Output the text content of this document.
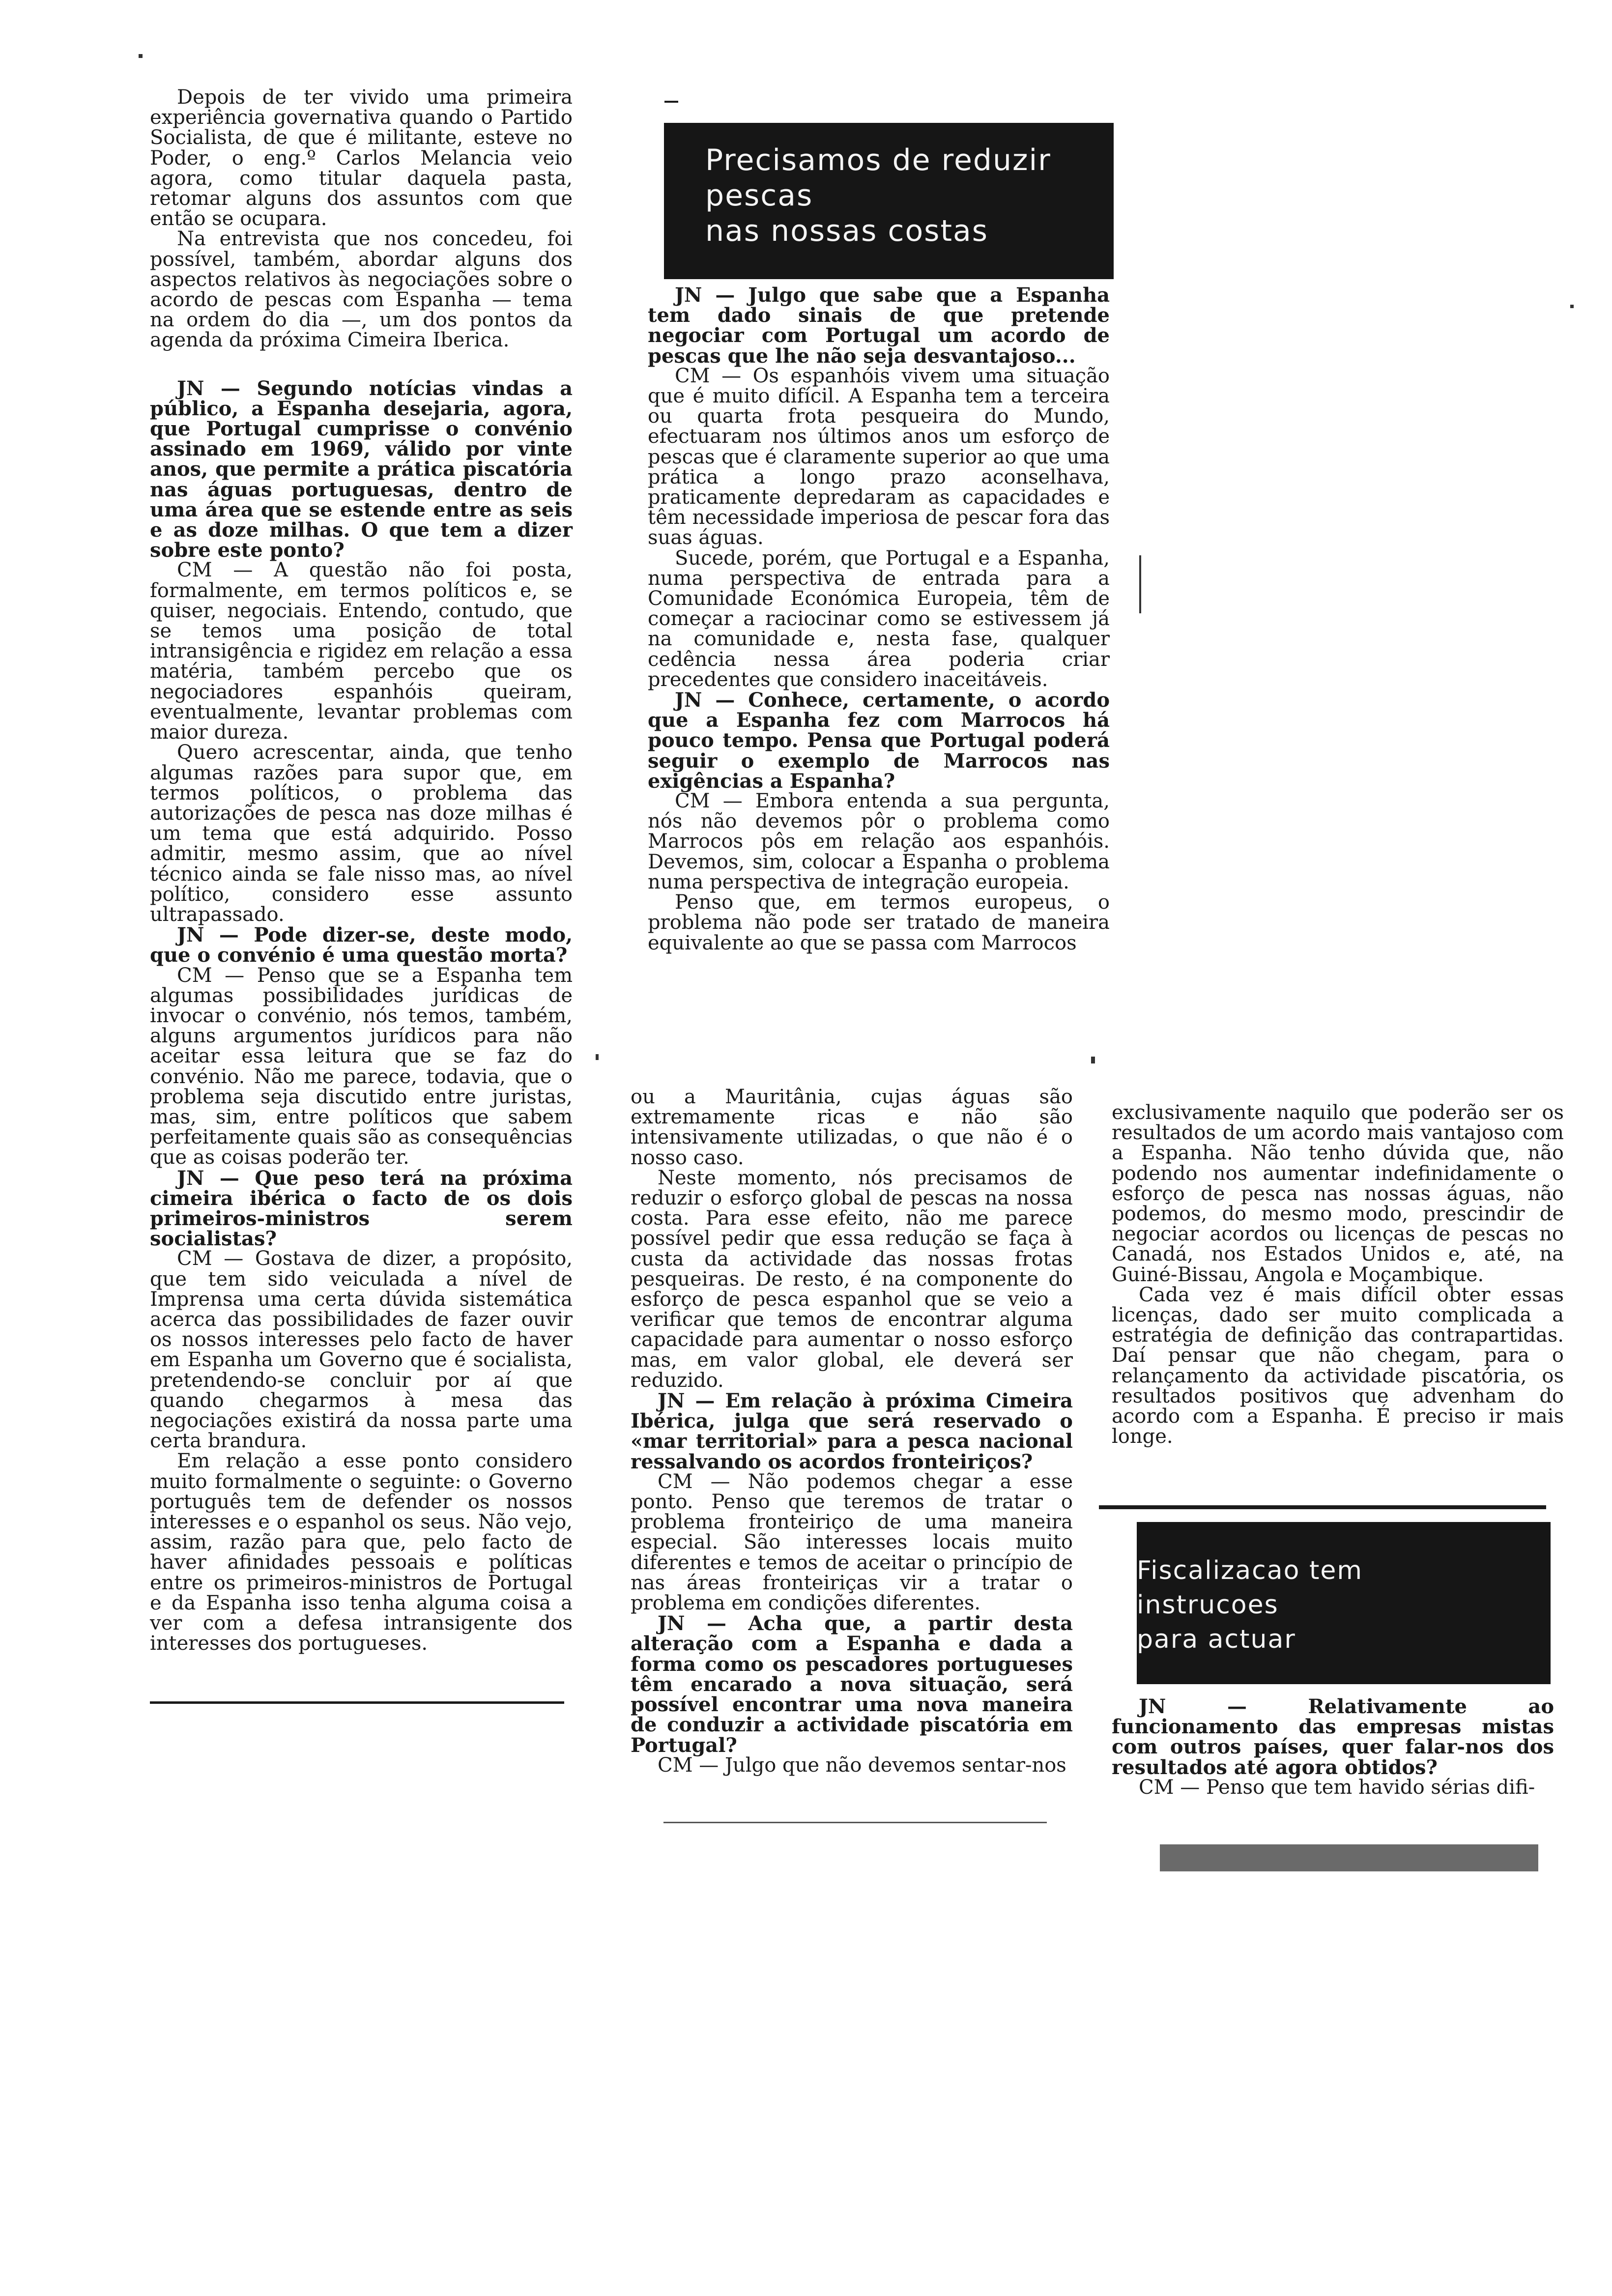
Depois de ter vivido uma primeira experiência governativa quando o Partido Socialista, de que é militante, esteve no Poder, o eng.º Carlos Melancia veio agora, como titular daquela pasta, retomar alguns dos assuntos com que então se ocupara.

Na entrevista que nos concedeu, foi possível, também, abordar alguns dos aspectos relativos às negociações sobre o acordo de pescas com Espanha — tema na ordem do dia —, um dos pontos da agenda da próxima Cimeira Iberica.

JN — Segundo notícias vindas a público, a Espanha desejaria, agora, que Portugal cumprisse o convénio assinado em 1969, válido por vinte anos, que permite a prática piscatória nas águas portuguesas, dentro de uma área que se estende entre as seis e as doze milhas. O que tem a dizer sobre este ponto?

CM — A questão não foi posta, formalmente, em termos políticos e, se quiser, negociais. Entendo, contudo, que se temos uma posição de total intransigência e rigidez em relação a essa matéria, também percebo que os negociadores espanhóis queiram, eventualmente, levantar problemas com maior dureza.

Quero acrescentar, ainda, que tenho algumas razões para supor que, em termos políticos, o problema das autorizações de pesca nas doze milhas é um tema que está adquirido. Posso admitir, mesmo assim, que ao nível técnico ainda se fale nisso mas, ao nível político, considero esse assunto ultrapassado.

JN — Pode dizer-se, deste modo, que o convénio é uma questão morta?

CM — Penso que se a Espanha tem algumas possibilidades jurídicas de invocar o convénio, nós temos, também, alguns argumentos jurídicos para não aceitar essa leitura que se faz do convénio. Não me parece, todavia, que o problema seja discutido entre juristas, mas, sim, entre políticos que sabem perfeitamente quais são as consequências que as coisas poderão ter.

JN — Que peso terá na próxima cimeira ibérica o facto de os dois primeiros-ministros serem socialistas?

CM — Gostava de dizer, a propósito, que tem sido veiculada a nível de Imprensa uma certa dúvida sistemática acerca das possibilidades de fazer ouvir os nossos interesses pelo facto de haver em Espanha um Governo que é socialista, pretendendo-se concluir por aí que quando chegarmos à mesa das negociações existirá da nossa parte uma certa brandura.

Em relação a esse ponto considero muito formalmente o seguinte: o Governo português tem de defender os nossos interesses e o espanhol os seus. Não vejo, assim, razão para que, pelo facto de haver afinidades pessoais e políticas entre os primeiros-ministros de Portugal e da Espanha isso tenha alguma coisa a ver com a defesa intransigente dos interesses dos portugueses.

Precisamos de reduzir
pescas
nas nossas costas

JN — Julgo que sabe que a Espanha tem dado sinais de que pretende negociar com Portugal um acordo de pescas que lhe não seja desvantajoso...

CM — Os espanhóis vivem uma situação que é muito difícil. A Espanha tem a terceira ou quarta frota pesqueira do Mundo, efectuaram nos últimos anos um esforço de pescas que é claramente superior ao que uma prática a longo prazo aconselhava, praticamente depredaram as capacidades e têm necessidade imperiosa de pescar fora das suas águas.

Sucede, porém, que Portugal e a Espanha, numa perspectiva de entrada para a Comunidade Económica Europeia, têm de começar a raciocinar como se estivessem já na comunidade e, nesta fase, qualquer cedência nessa área poderia criar precedentes que considero inaceitáveis.

JN — Conhece, certamente, o acordo que a Espanha fez com Marrocos há pouco tempo. Pensa que Portugal poderá seguir o exemplo de Marrocos nas exigências a Espanha?

CM — Embora entenda a sua pergunta, nós não devemos pôr o problema como Marrocos pôs em relação aos espanhóis. Devemos, sim, colocar a Espanha o problema numa perspectiva de integração europeia.

Penso que, em termos europeus, o problema não pode ser tratado de maneira equivalente ao que se passa com Marrocos

ou a Mauritânia, cujas águas são extremamente ricas e não são intensivamente utilizadas, o que não é o nosso caso.

Neste momento, nós precisamos de reduzir o esforço global de pescas na nossa costa. Para esse efeito, não me parece possível pedir que essa redução se faça à custa da actividade das nossas frotas pesqueiras. De resto, é na componente do esforço de pesca espanhol que se veio a verificar que temos de encontrar alguma capacidade para aumentar o nosso esforço mas, em valor global, ele deverá ser reduzido.

JN — Em relação à próxima Cimeira Ibérica, julga que será reservado o «mar territorial» para a pesca nacional ressalvando os acordos fronteiriços?

CM — Não podemos chegar a esse ponto. Penso que teremos de tratar o problema fronteiriço de uma maneira especial. São interesses locais muito diferentes e temos de aceitar o princípio de nas áreas fronteiriças vir a tratar o problema em condições diferentes.

JN — Acha que, a partir desta alteração com a Espanha e dada a forma como os pescadores portugueses têm encarado a nova situação, será possível encontrar uma nova maneira de conduzir a actividade piscatória em Portugal?

CM — Julgo que não devemos sentar-nos

exclusivamente naquilo que poderão ser os resultados de um acordo mais vantajoso com a Espanha. Não tenho dúvida que, não podendo nos aumentar indefinidamente o esforço de pesca nas nossas águas, não podemos, do mesmo modo, prescindir de negociar acordos ou licenças de pescas no Canadá, nos Estados Unidos e, até, na Guiné-Bissau, Angola e Moçambique.

Cada vez é mais difícil obter essas licenças, dado ser muito complicada a estratégia de definição das contrapartidas. Daí pensar que não chegam, para o relançamento da actividade piscatória, os resultados positivos que advenham do acordo com a Espanha. É preciso ir mais longe.

Fiscalizacao tem
instrucoes
para actuar

JN — Relativamente ao funcionamento das empresas mistas com outros países, quer falar-nos dos resultados até agora obtidos?

CM — Penso que tem havido sérias difi-
